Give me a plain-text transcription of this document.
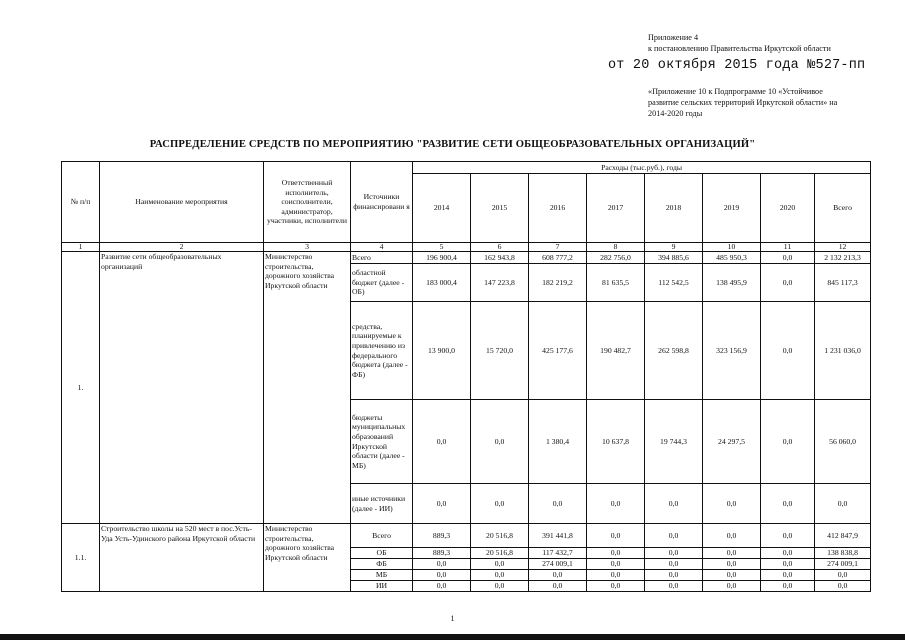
Приложение 4
к постановлению Правительства Иркутской области
от 20 октября 2015 года №527-пп
«Приложение 10 к Подпрограмме 10 «Устойчивое
развитие сельских территорий Иркутской области» на
2014-2020 годы
РАСПРЕДЕЛЕНИЕ СРЕДСТВ ПО МЕРОПРИЯТИЮ "РАЗВИТИЕ СЕТИ ОБЩЕОБРАЗОВАТЕЛЬНЫХ ОРГАНИЗАЦИЙ"
№ п/п	Наименование мероприятия	Ответственный исполнитель, соисполнители, администратор, участники, исполнители	Источники финансировани я	Расходы (тыс.руб.), годы							
				2014	2015	2016	2017	2018	2019	2020	Всего
1	2	3	4	5	6	7	8	9	10	11	12
1.	Развитие сети общеобразовательных организаций	Министерство строительства, дорожного хозяйства Иркутской области	Всего	196 900,4	162 943,8	608 777,2	282 756,0	394 885,6	485 950,3	0,0	2 132 213,3
			областной бюджет (далее - ОБ)	183 000,4	147 223,8	182 219,2	81 635,5	112 542,5	138 495,9	0,0	845 117,3
			средства, планируемые к привлечению из федерального бюджета (далее - ФБ)	13 900,0	15 720,0	425 177,6	190 482,7	262 598,8	323 156,9	0,0	1 231 036,0
			бюджеты муниципальных образований Иркутской области (далее - МБ)	0,0	0,0	1 380,4	10 637,8	19 744,3	24 297,5	0,0	56 060,0
			иные источники (далее - ИИ)	0,0	0,0	0,0	0,0	0,0	0,0	0,0	0,0
1.1.	Строительство школы на 520 мест в пос.Усть-Уда Усть-Удинского района Иркутской области	Министерство строительства, дорожного хозяйства Иркутской области	Всего	889,3	20 516,8	391 441,8	0,0	0,0	0,0	0,0	412 847,9
			ОБ	889,3	20 516,8	117 432,7	0,0	0,0	0,0	0,0	138 838,8
			ФБ	0,0	0,0	274 009,1	0,0	0,0	0,0	0,0	274 009,1
			МБ	0,0	0,0	0,0	0,0	0,0	0,0	0,0	0,0
			ИИ	0,0	0,0	0,0	0,0	0,0	0,0	0,0	0,0
1
